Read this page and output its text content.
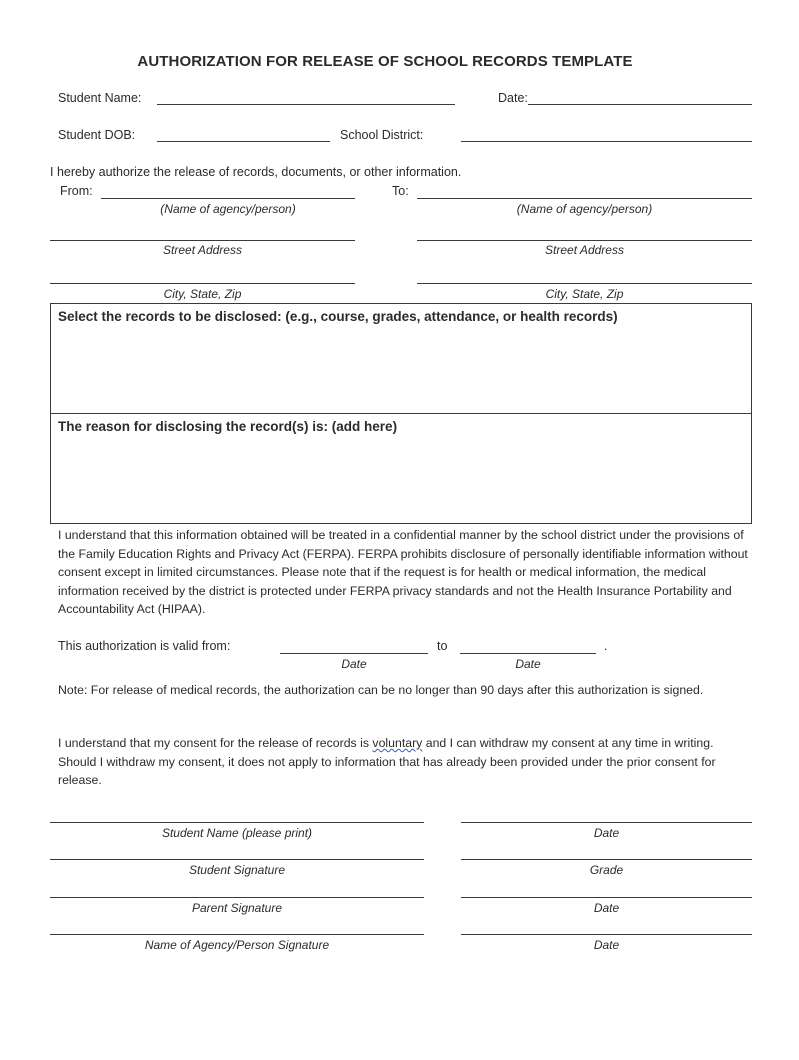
AUTHORIZATION FOR RELEASE OF SCHOOL RECORDS TEMPLATE
Student Name:	Date:
Student DOB:	School District:
I hereby authorize the release of records, documents, or other information.
From:
(Name of agency/person)
Street Address
City, State, Zip
To:
(Name of agency/person)
Street Address
City, State, Zip
Select the records to be disclosed: (e.g., course, grades, attendance, or health records)
The reason for disclosing the record(s) is: (add here)
I understand that this information obtained will be treated in a confidential manner by the school district under the provisions of the Family Education Rights and Privacy Act (FERPA). FERPA prohibits disclosure of personally identifiable information without consent except in limited circumstances. Please note that if the request is for health or medical information, the medical information received by the district is protected under FERPA privacy standards and not the Health Insurance Portability and Accountability Act (HIPAA).
This authorization is valid from:	to	.
Date	Date
Note: For release of medical records, the authorization can be no longer than 90 days after this authorization is signed.
I understand that my consent for the release of records is voluntary and I can withdraw my consent at any time in writing. Should I withdraw my consent, it does not apply to information that has already been provided under the prior consent for release.
Student Name (please print)	Date
Student Signature	Grade
Parent Signature	Date
Name of Agency/Person Signature	Date
